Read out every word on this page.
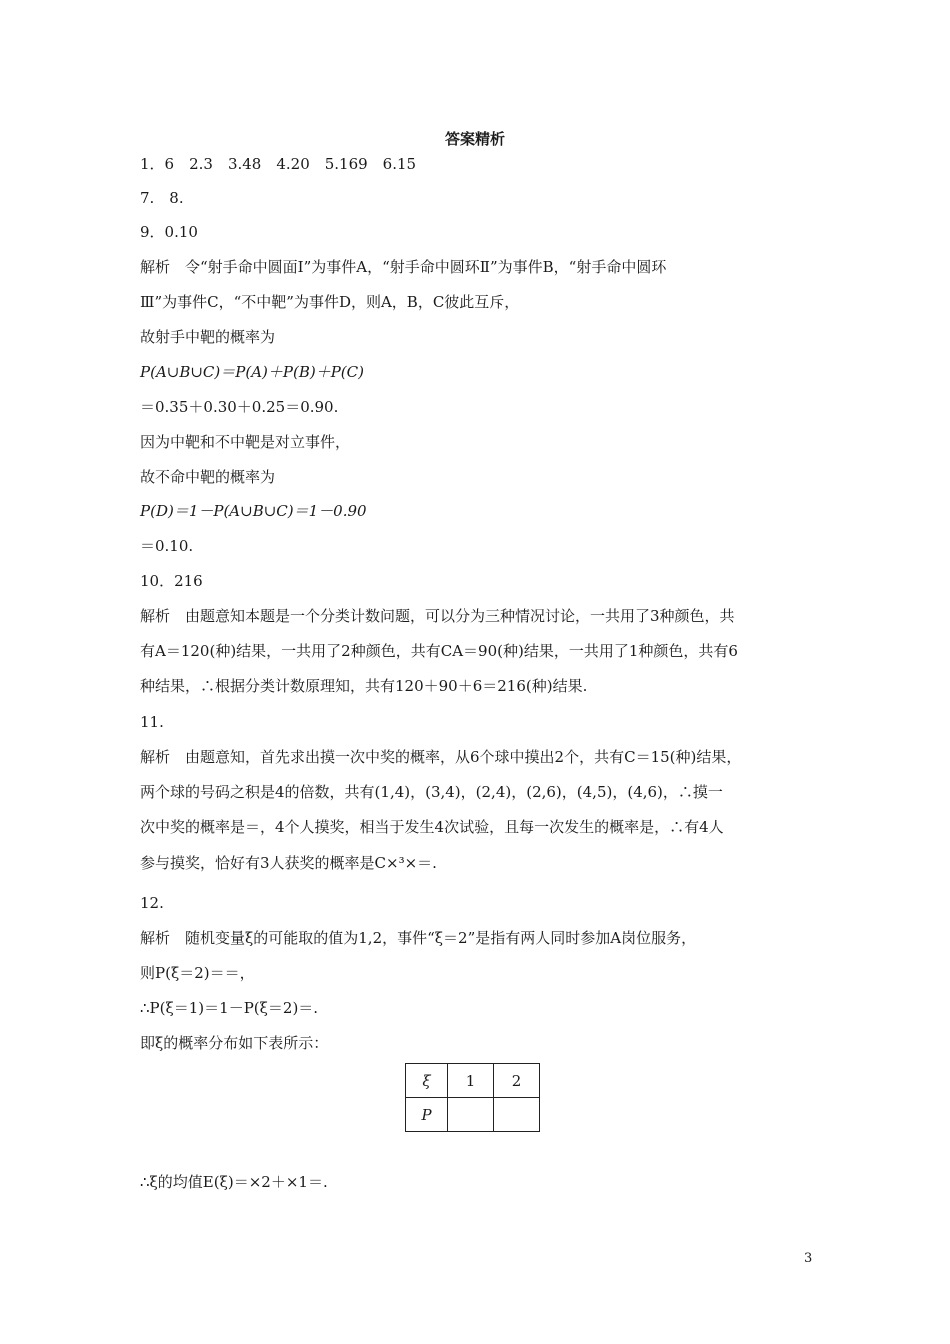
答案精析
1．6　2.3　3.48　4.20　5.169　6.15
7.　8.
9．0.10
解析　令“射手命中圆面Ⅰ”为事件A，“射手命中圆环Ⅱ”为事件B，“射手命中圆环
Ⅲ”为事件C，“不中靶”为事件D，则A，B，C彼此互斥，
故射手中靶的概率为
P(A∪B∪C)＝P(A)＋P(B)＋P(C)
＝0.35＋0.30＋0.25＝0.90.
因为中靶和不中靶是对立事件，
故不命中靶的概率为
P(D)＝1－P(A∪B∪C)＝1－0.90
＝0.10.
10．216
解析　由题意知本题是一个分类计数问题，可以分为三种情况讨论，一共用了3种颜色，共
有A＝120(种)结果，一共用了2种颜色，共有CA＝90(种)结果，一共用了1种颜色，共有6
种结果，∴根据分类计数原理知，共有120＋90＋6＝216(种)结果.
11.
解析　由题意知，首先求出摸一次中奖的概率，从6个球中摸出2个，共有C＝15(种)结果，
两个球的号码之积是4的倍数，共有(1,4)，(3,4)，(2,4)，(2,6)，(4,5)，(4,6)，∴摸一
次中奖的概率是＝，4个人摸奖，相当于发生4次试验，且每一次发生的概率是，∴有4人
参与摸奖，恰好有3人获奖的概率是C×³×＝.
12.
解析　随机变量ξ的可能取的值为1,2，事件“ξ＝2”是指有两人同时参加A岗位服务，
则P(ξ＝2)＝＝，
∴P(ξ＝1)＝1－P(ξ＝2)＝.
即ξ的概率分布如下表所示：
ξ	1	2
P		
∴ξ的均值E(ξ)＝×2＋×1＝.
3
